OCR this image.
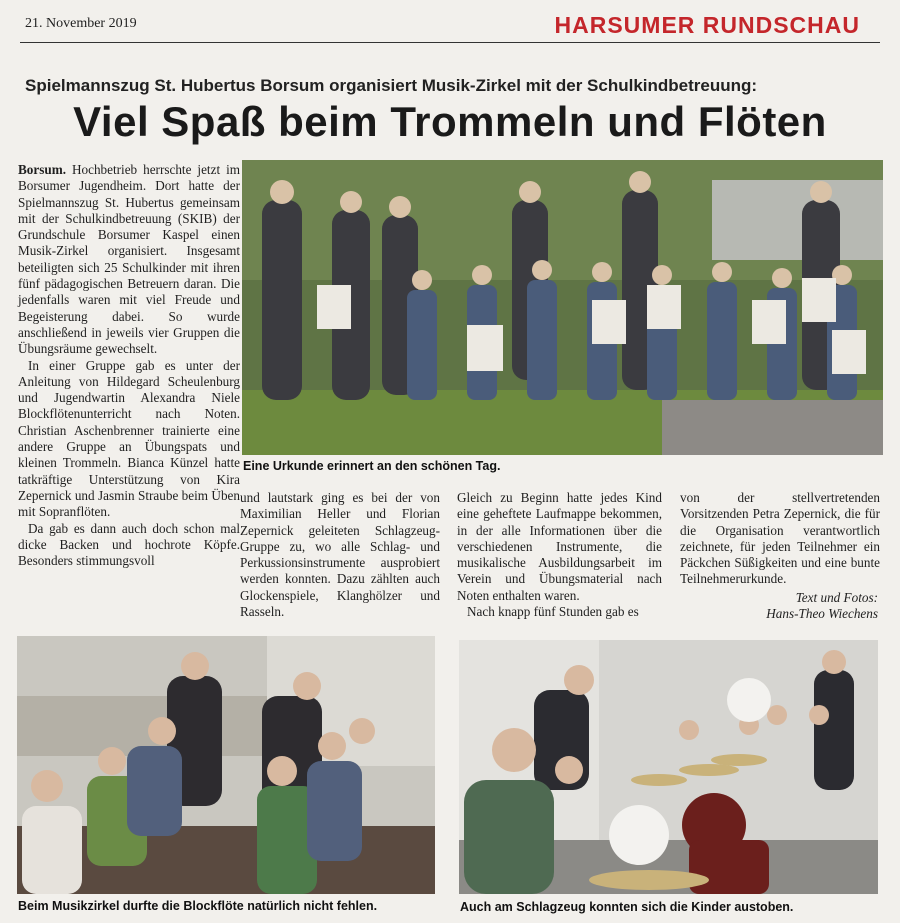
21. November 2019	HARSUMER RUNDSCHAU
Spielmannszug St. Hubertus Borsum organisiert Musik-Zirkel mit der Schulkindbetreuung:
Viel Spaß beim Trommeln und Flöten

Borsum. Hochbetrieb herrschte jetzt im Borsumer Jugendheim. Dort hatte der Spielmannszug St. Hubertus gemeinsam mit der Schulkindbetreuung (SKIB) der Grundschule Borsumer Kaspel einen Musik-Zirkel organisiert. Insgesamt beteiligten sich 25 Schulkinder mit ihren fünf pädagogischen Betreuern daran. Die jedenfalls waren mit viel Freude und Begeisterung dabei. So wurde anschließend in jeweils vier Gruppen die Übungsräume gewechselt.

In einer Gruppe gab es unter der Anleitung von Hildegard Scheulenburg und Jugendwartin Alexandra Niele Blockflötenunterricht nach Noten. Christian Aschenbrenner trainierte eine andere Gruppe an Übungspats und kleinen Trommeln. Bianca Künzel hatte tatkräftige Unterstützung von Kira Zepernick und Jasmin Straube beim Üben mit Sopranflöten.

Da gab es dann auch doch schon mal dicke Backen und hochrote Köpfe. Besonders stimmungsvoll

Eine Urkunde erinnert an den schönen Tag.

und lautstark ging es bei der von Maximilian Heller und Florian Zepernick geleiteten Schlagzeug-Gruppe zu, wo alle Schlag- und Perkussionsinstrumente ausprobiert werden konnten. Dazu zählten auch Glockenspiele, Klanghölzer und Rasseln.

Gleich zu Beginn hatte jedes Kind eine geheftete Laufmappe bekommen, in der alle Informationen über die verschiedenen Instrumente, die musikalische Ausbildungsarbeit im Verein und Übungsmaterial nach Noten enthalten waren.

Nach knapp fünf Stunden gab es

von der stellvertretenden Vorsitzenden Petra Zepernick, die für die Organisation verantwortlich zeichnete, für jeden Teilnehmer ein Päckchen Süßigkeiten und eine bunte Teilnehmerurkunde.

Text und Fotos:
Hans-Theo Wiechens
Beim Musikzirkel durfte die Blockflöte natürlich nicht fehlen.	Auch am Schlagzeug konnten sich die Kinder austoben.
